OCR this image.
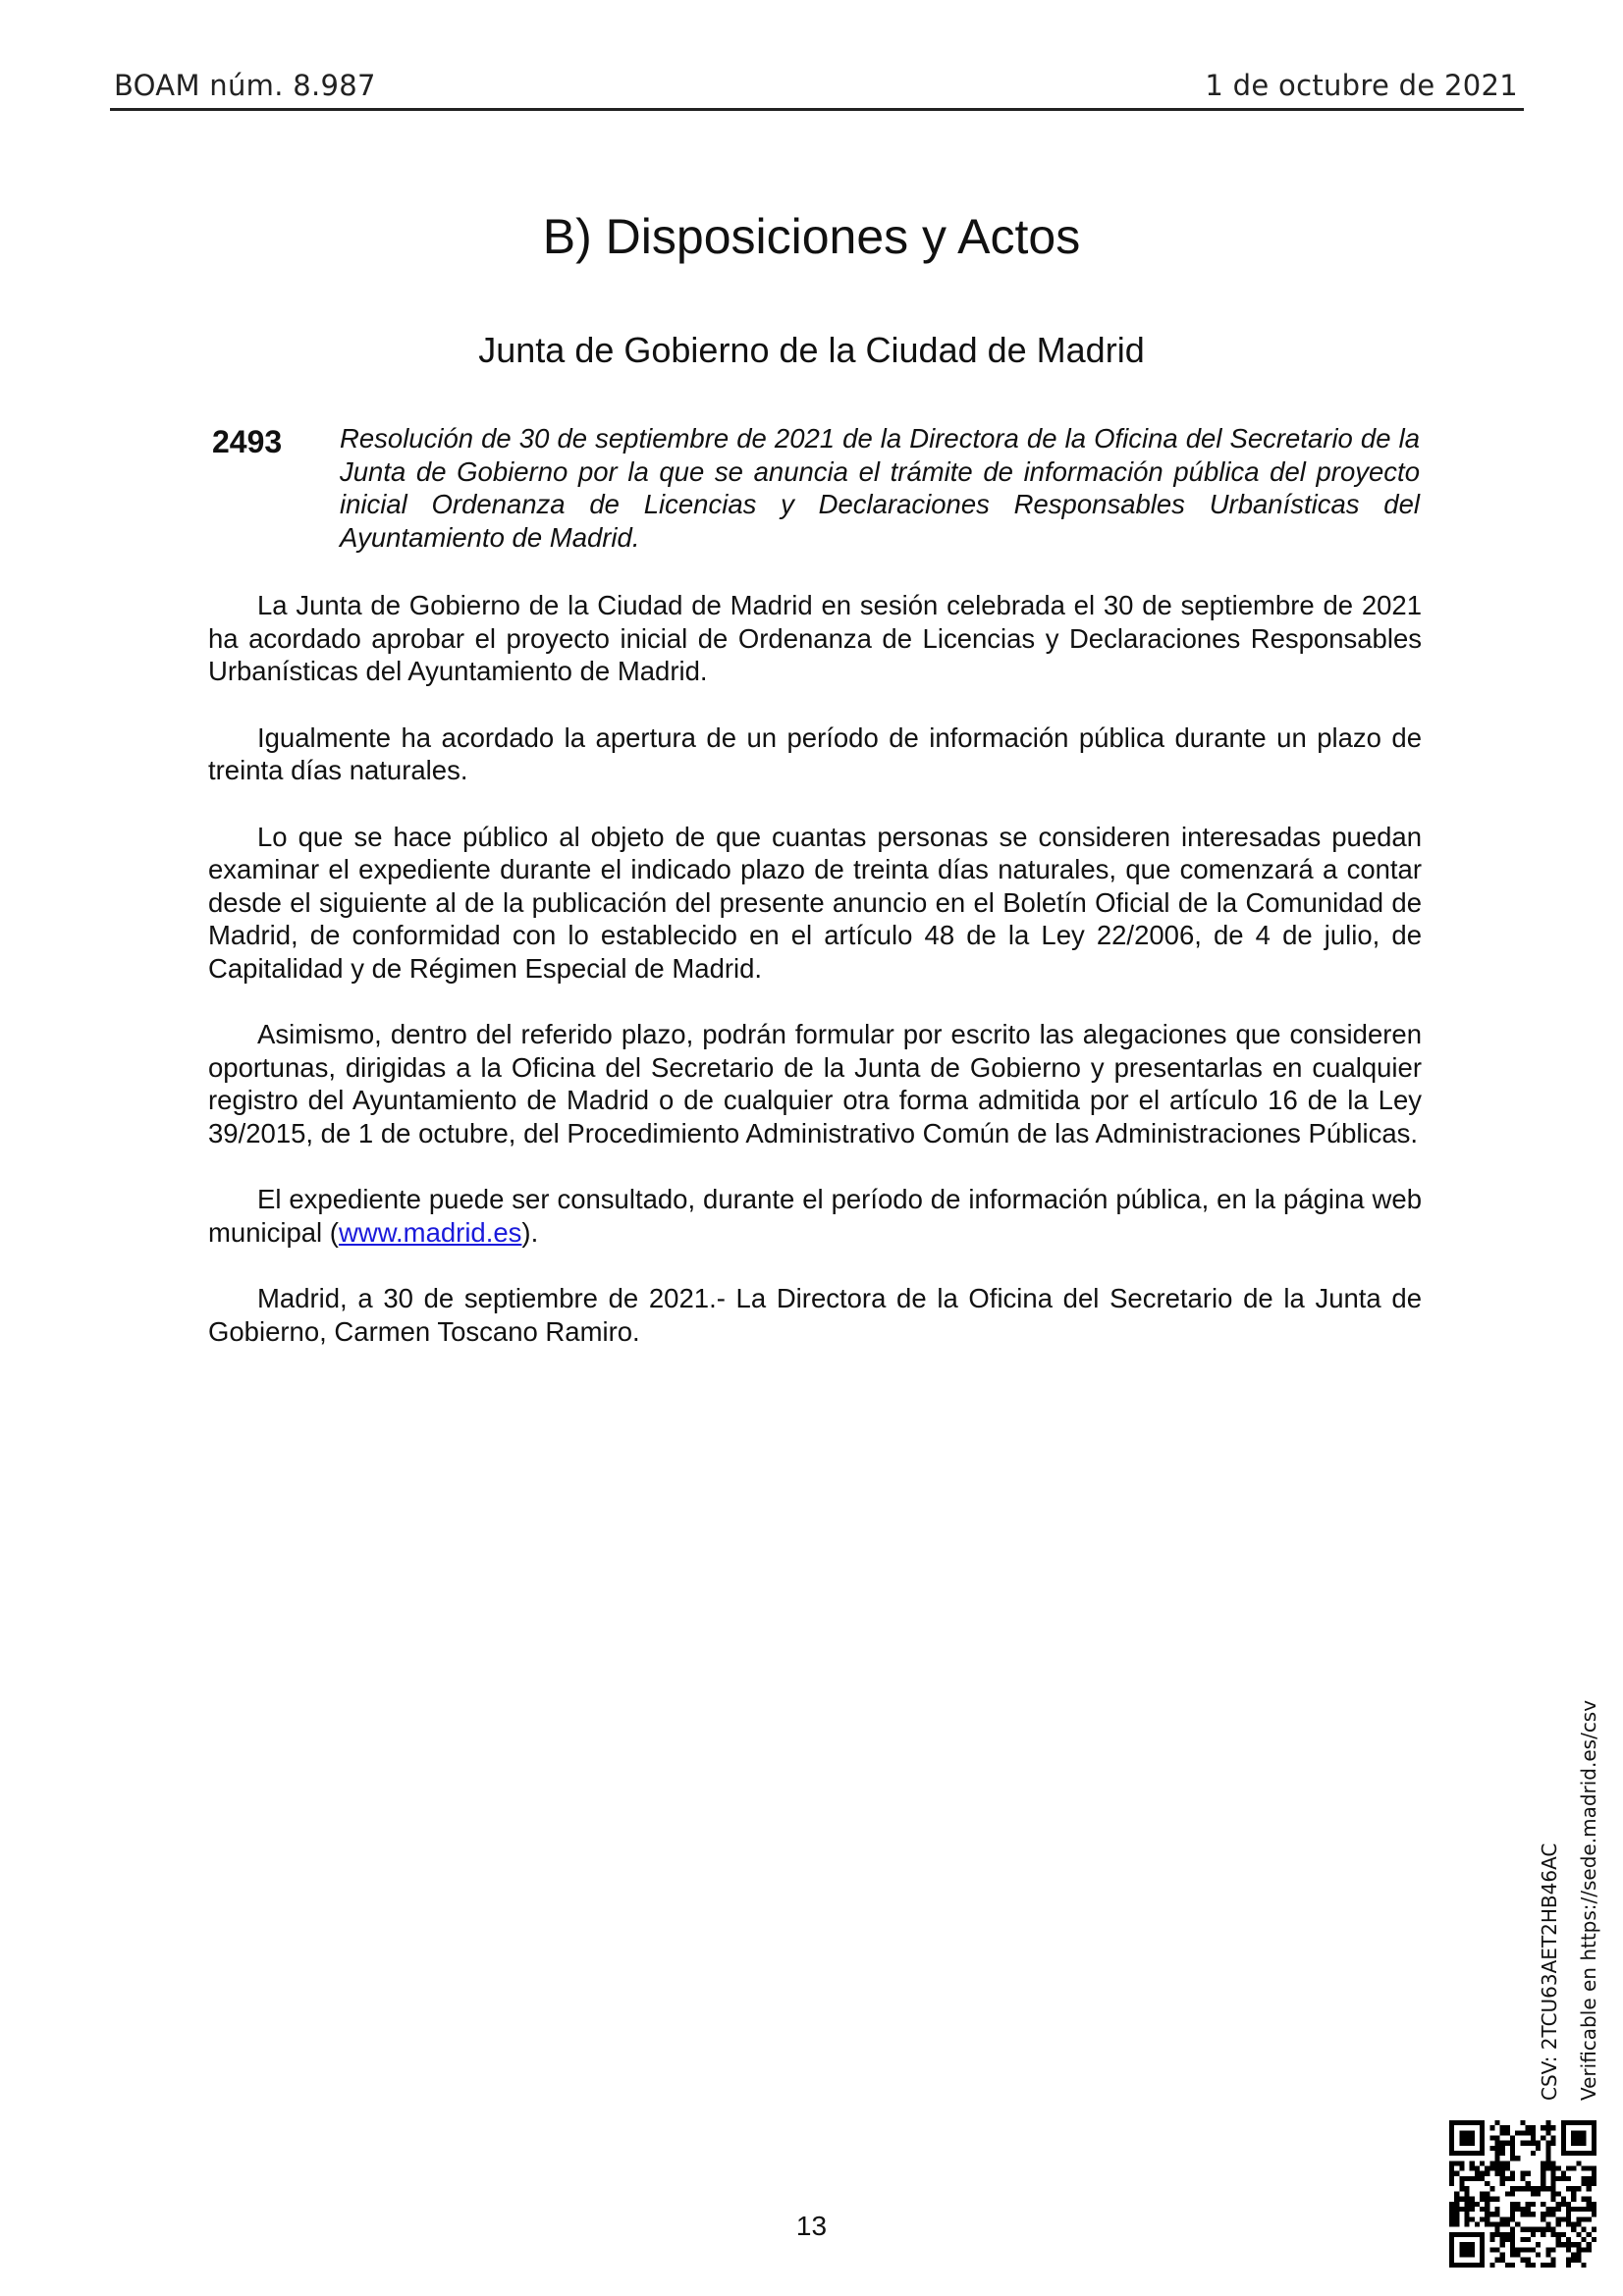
BOAM núm. 8.987	1 de octubre de 2021
B) Disposiciones y Actos
Junta de Gobierno de la Ciudad de Madrid
2493 Resolución de 30 de septiembre de 2021 de la Directora de la Oficina del Secretario de la Junta de Gobierno por la que se anuncia el trámite de información pública del proyecto inicial Ordenanza de Licencias y Declaraciones Responsables Urbanísticas del Ayuntamiento de Madrid.

La Junta de Gobierno de la Ciudad de Madrid en sesión celebrada el 30 de septiembre de 2021 ha acordado aprobar el proyecto inicial de Ordenanza de Licencias y Declaraciones Responsables Urbanísticas del Ayuntamiento de Madrid.

Igualmente ha acordado la apertura de un período de información pública durante un plazo de treinta días naturales.

Lo que se hace público al objeto de que cuantas personas se consideren interesadas puedan examinar el expediente durante el indicado plazo de treinta días naturales, que comenzará a contar desde el siguiente al de la publicación del presente anuncio en el Boletín Oficial de la Comunidad de Madrid, de conformidad con lo establecido en el artículo 48 de la Ley 22/2006, de 4 de julio, de Capitalidad y de Régimen Especial de Madrid.

Asimismo, dentro del referido plazo, podrán formular por escrito las alegaciones que consideren oportunas, dirigidas a la Oficina del Secretario de la Junta de Gobierno y presentarlas en cualquier registro del Ayuntamiento de Madrid o de cualquier otra forma admitida por el artículo 16 de la Ley 39/2015, de 1 de octubre, del Procedimiento Administrativo Común de las Administraciones Públicas.

El expediente puede ser consultado, durante el período de información pública, en la página web municipal (www.madrid.es).

Madrid, a 30 de septiembre de 2021.- La Directora de la Oficina del Secretario de la Junta de Gobierno, Carmen Toscano Ramiro.

CSV: 2TCU63AET2HB46AC Verificable en https://sede.madrid.es/csv
13
